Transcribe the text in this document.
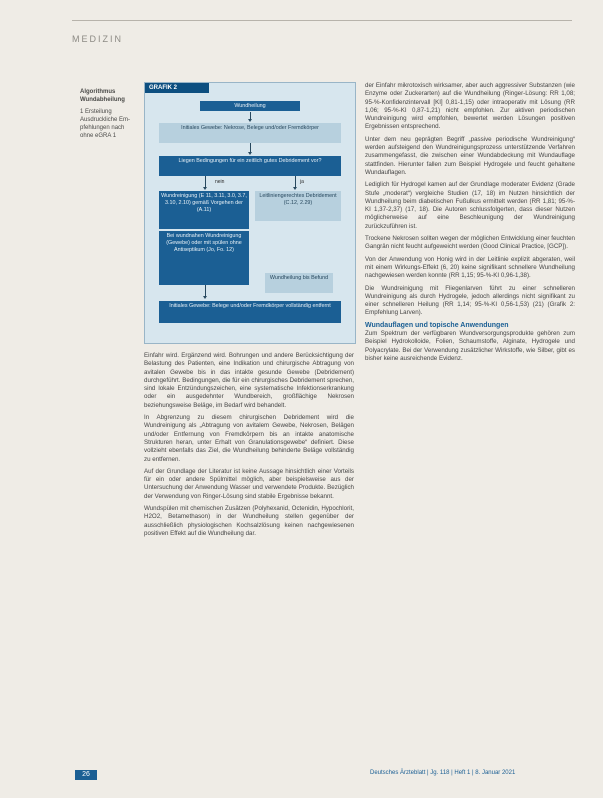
MEDIZIN
Algorithmus Wundabheilung
1 Ersteilung Ausdruckliche Empfehlungen nach ohne eGRA 1
GRAFIK 2
Wundheilung
Initiales Gewebe: Nekrose, Belege und/oder Fremdkörper
Liegen Bedingungen für ein zeitlich gutes Debridement vor?
nein	ja
Wundreinigung (E 11, 3.11, 3.0, 3.7, 3.10, 2.10) gemäß Vorgehen der (A.11)
Leitliniengerechtes Debridement (C.12, 2.29)
Bei wundnahen Wundreinigung (Gewebe) oder mit spülen ohne Antiseptikum (Jo, Fo. 12)
Wundheilung bis Befund
Initiales Gewebe: Belege und/oder Fremdkörper vollständig entfernt

Einfahr wird. Ergänzend wird. Bohrungen und andere Berücksichtigung der Belastung des Patienten, eine Indikation und chirurgische Abtragung von avitalen Gewebe bis in das intakte gesunde Gewebe (Debridement) durchgeführt. Bedingungen, die für ein chirurgisches Debridement sprechen, sind lokale Entzündungszeichen, eine systematische Infektionserkrankung oder ein ausgedehnter Wundbereich, großflächige Nekrosen beziehungsweise Beläge, im Bedarf wird behandelt.

In Abgrenzung zu diesem chirurgischen Debridement wird die Wundreinigung als „Abtragung von avitalem Gewebe, Nekrosen, Belägen und/oder Entfernung von Fremdkörpern bis an intakte anatomische Strukturen heran, unter Erhalt von Granulationsgewebe“ definiert. Diese vollzieht ebenfalls das Ziel, die Wundheilung behinderte Beläge vollständig zu entfernen.

Auf der Grundlage der Literatur ist keine Aussage hinsichtlich einer Vorteils für ein oder andere Spülmittel möglich, aber beispielsweise aus der Untersuchung der Anwendung Wasser und verwendete Produkte. Bezüglich der Verwendung von Ringer-Lösung sind stabile Ergebnisse bekannt.

Wundspülen mit chemischen Zusätzen (Polyhexanid, Octenidin, Hypochlorit, H2O2, Betamethason) in der Wundheilung stellen gegenüber der ausschließlich physiologischen Kochsalzlösung keinen nachgewiesenen positiven Effekt auf die Wundheilung dar.

der Einfahr mikrotoxisch wirksamer, aber auch aggressiver Substanzen (wie Enzyme oder Zuckerarten) auf die Wundheilung (Ringer-Lösung: RR 1,08; 95-%-Konfidenzintervall [KI] 0,81-1,15) oder intraoperativ mit Lösung (RR 1,06; 95-%-KI 0,87-1,21) nicht empfohlen. Zur aktiven periodischen Wundreinigung wird empfohlen, bewertet werden Lösungen positiven Ergebnissen entsprechend.

Unter dem neu geprägten Begriff „passive periodische Wundreinigung“ werden aufsteigend den Wundreinigungsprozess unterstützende Verfahren zusammengefasst, die zwischen einer Wundabdeckung mit Wundauflage stattfinden. Hierunter fallen zum Beispiel Hydrogele und feucht gehaltene Wundauflagen.

Lediglich für Hydrogel kamen auf der Grundlage moderater Evidenz (Grade Stufe „moderat“) vergleiche Studien (17, 18) im Nutzen hinsichtlich der Wundheilung beim diabetischen Fußulkus ermittelt werden (RR 1,81; 95-%-KI 1,37-2,37) (17, 18). Die Autoren schlussfolgerten, dass dieser Nutzen möglicherweise auf eine Beschleunigung der Wundreinigung zurückzuführen ist.

Trockene Nekrosen sollten wegen der möglichen Entwicklung einer feuchten Gangrän nicht feucht aufgeweicht werden (Good Clinical Practice, [GCP]).

Von der Anwendung von Honig wird in der Leitlinie explizit abgeraten, weil mit einem Wirkungs-Effekt (6, 20) keine signifikant schnellere Wundheilung nachgewiesen werden konnte (RR 1,15; 95-%-KI 0,96-1,38).

Die Wundreinigung mit Fliegenlarven führt zu einer schnelleren Wundreinigung als durch Hydrogele, jedoch allerdings nicht signifikant zu einer schnelleren Heilung (RR 1,14; 95-%-KI 0,56-1,53) (21) (Grafik 2: Empfehlung Larven).

Wundauflagen und topische Anwendungen

Zum Spektrum der verfügbaren Wundversorgungsprodukte gehören zum Beispiel Hydrokolloide, Folien, Schaumstoffe, Alginate, Hydrogele und Polyacrylate. Bei der Verwendung zusätzlicher Wirkstoffe, wie Silber, gibt es bisher keine ausreichende Evidenz.

26	Deutsches Ärzteblatt | Jg. 118 | Heft 1 | 8. Januar 2021
